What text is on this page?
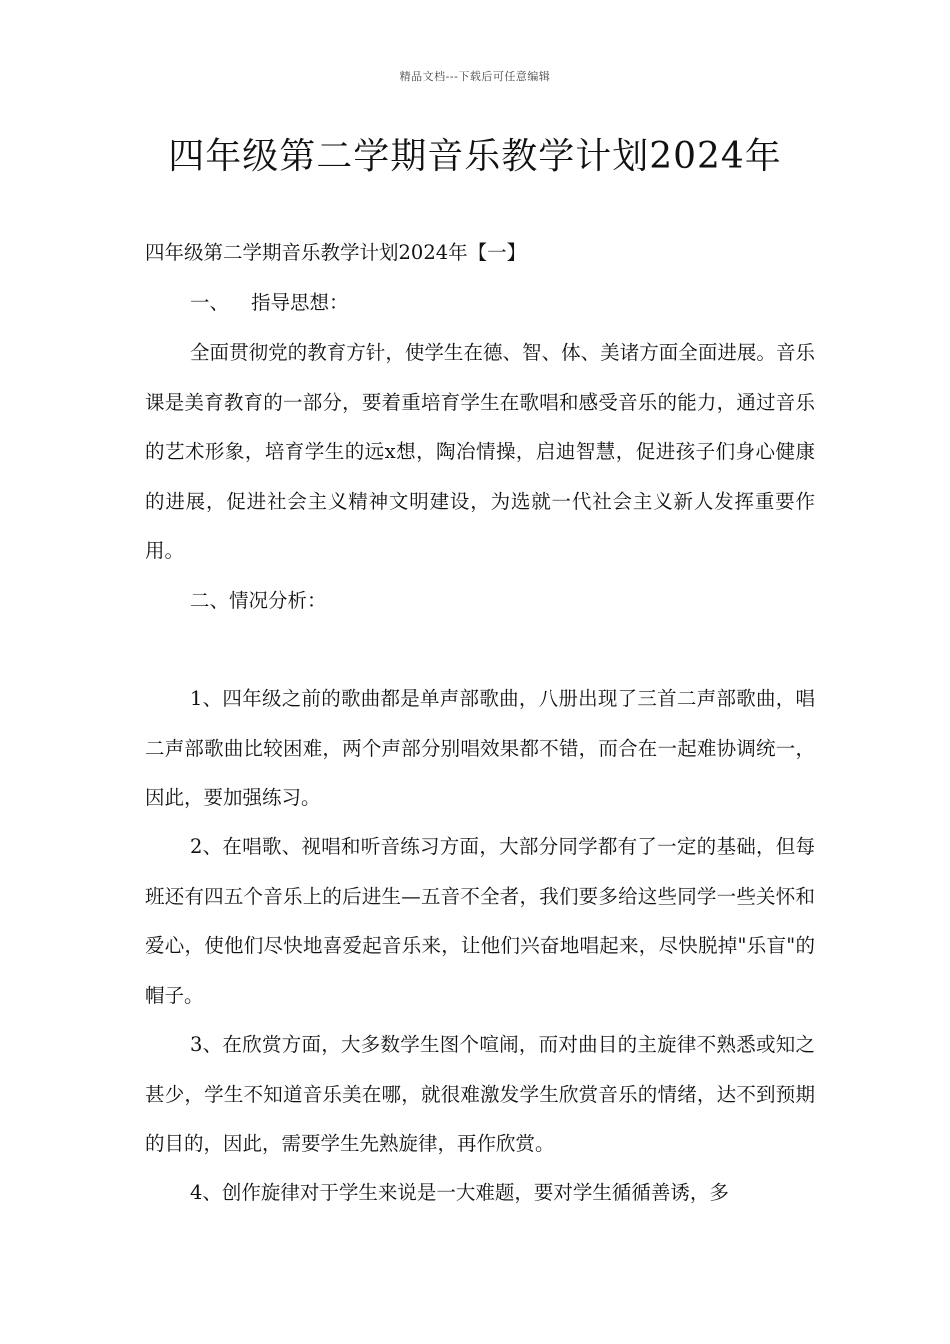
精品文档---下载后可任意编辑
四年级第二学期音乐教学计划2024年
四年级第二学期音乐教学计划2024年【一】
一、 指导思想：

全面贯彻党的教育方针，使学生在德、智、体、美诸方面全面进展。音乐课是美育教育的一部分，要着重培育学生在歌唱和感受音乐的能力，通过音乐的艺术形象，培育学生的远x想，陶冶情操，启迪智慧，促进孩子们身心健康的进展，促进社会主义精神文明建设，为选就一代社会主义新人发挥重要作用。

二、情况分析：

1、四年级之前的歌曲都是单声部歌曲，八册出现了三首二声部歌曲，唱二声部歌曲比较困难，两个声部分别唱效果都不错，而合在一起难协调统一，因此，要加强练习。

2、在唱歌、视唱和听音练习方面，大部分同学都有了一定的基础，但每班还有四五个音乐上的后进生—五音不全者，我们要多给这些同学一些关怀和爱心，使他们尽快地喜爱起音乐来，让他们兴奋地唱起来，尽快脱掉"乐盲"的帽子。

3、在欣赏方面，大多数学生图个喧闹，而对曲目的主旋律不熟悉或知之甚少，学生不知道音乐美在哪，就很难激发学生欣赏音乐的情绪，达不到预期的目的，因此，需要学生先熟旋律，再作欣赏。

4、创作旋律对于学生来说是一大难题，要对学生循循善诱，多
